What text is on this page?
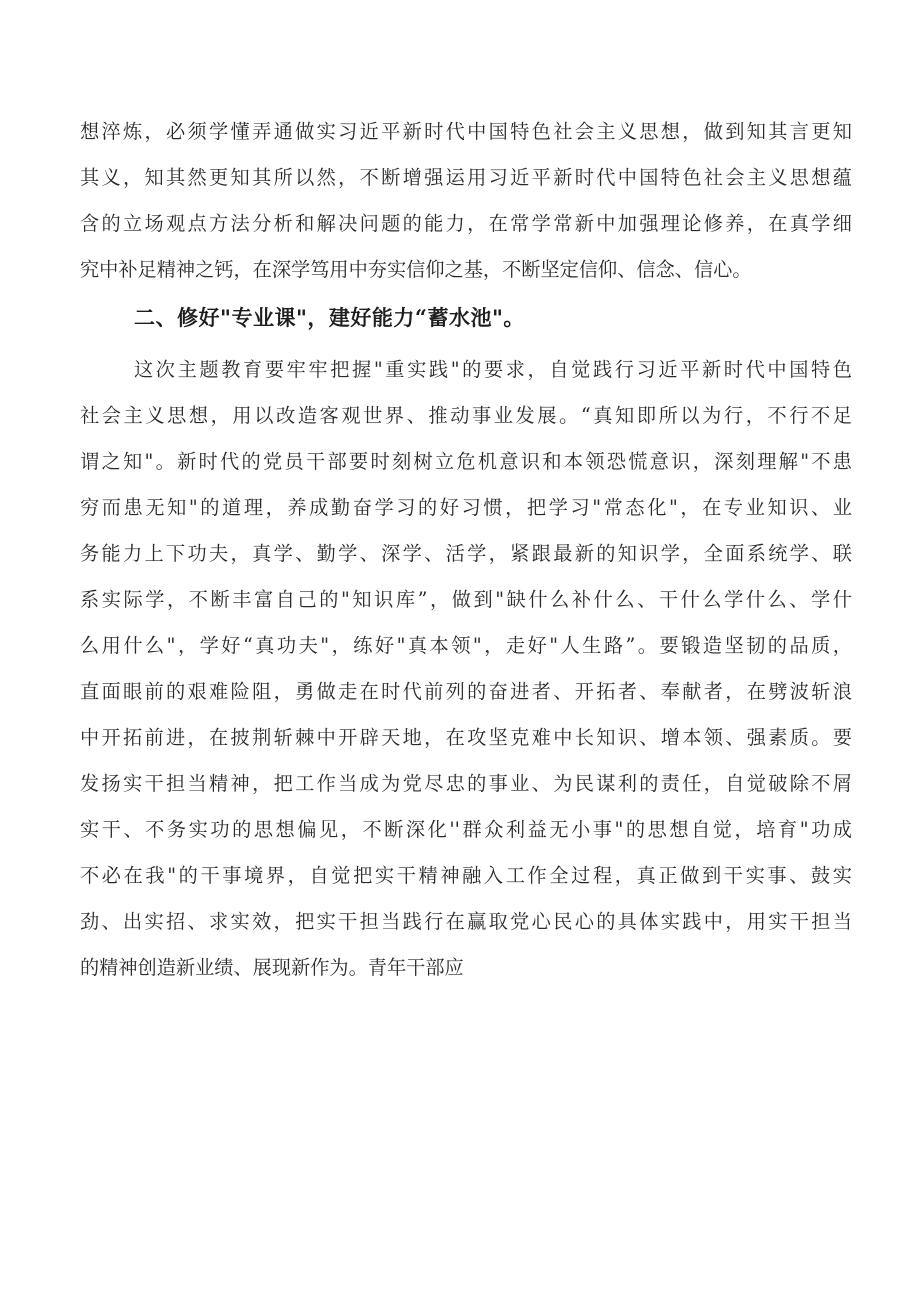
想淬炼，必须学懂弄通做实习近平新时代中国特色社会主义思想，做到知其言更知
其义，知其然更知其所以然，不断增强运用习近平新时代中国特色社会主义思想蕴
含的立场观点方法分析和解决问题的能力，在常学常新中加强理论修养，在真学细
究中补足精神之钙，在深学笃用中夯实信仰之基，不断坚定信仰、信念、信心。
二、修好"专业课"，建好能力“蓄水池"。
这次主题教育要牢牢把握"重实践"的要求，自觉践行习近平新时代中国特色
社会主义思想，用以改造客观世界、推动事业发展。“真知即所以为行，不行不足
谓之知"。新时代的党员干部要时刻树立危机意识和本领恐慌意识，深刻理解"不患
穷而患无知"的道理，养成勤奋学习的好习惯，把学习"常态化"，在专业知识、业
务能力上下功夫，真学、勤学、深学、活学，紧跟最新的知识学，全面系统学、联
系实际学，不断丰富自己的"知识库”，做到"缺什么补什么、干什么学什么、学什
么用什么"，学好“真功夫"，练好"真本领"，走好"人生路”。要锻造坚韧的品质，
直面眼前的艰难险阻，勇做走在时代前列的奋进者、开拓者、奉献者，在劈波斩浪
中开拓前进，在披荆斩棘中开辟天地，在攻坚克难中长知识、增本领、强素质。要
发扬实干担当精神，把工作当成为党尽忠的事业、为民谋利的责任，自觉破除不屑
实干、不务实功的思想偏见，不断深化''群众利益无小事"的思想自觉，培育"功成
不必在我"的干事境界，自觉把实干精神融入工作全过程，真正做到干实事、鼓实
劲、出实招、求实效，把实干担当践行在赢取党心民心的具体实践中，用实干担当
的精神创造新业绩、展现新作为。青年干部应
